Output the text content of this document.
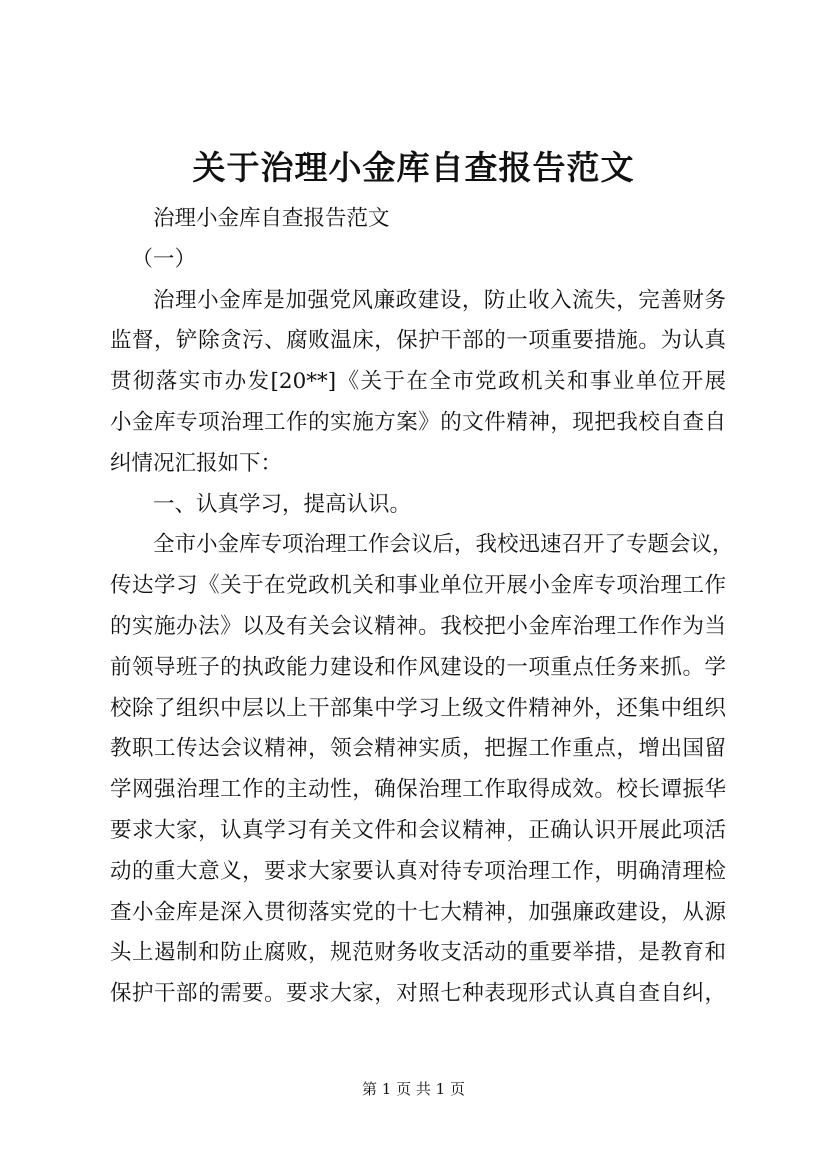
关于治理小金库自查报告范文

治理小金库自查报告范文

（一）

治理小金库是加强党风廉政建设，防止收入流失，完善财务
监督，铲除贪污、腐败温床，保护干部的一项重要措施。为认真
贯彻落实市办发[20**]《关于在全市党政机关和事业单位开展
小金库专项治理工作的实施方案》的文件精神，现把我校自查自
纠情况汇报如下：

一、认真学习，提高认识。

全市小金库专项治理工作会议后，我校迅速召开了专题会议，
传达学习《关于在党政机关和事业单位开展小金库专项治理工作
的实施办法》以及有关会议精神。我校把小金库治理工作作为当
前领导班子的执政能力建设和作风建设的一项重点任务来抓。学
校除了组织中层以上干部集中学习上级文件精神外，还集中组织
教职工传达会议精神，领会精神实质，把握工作重点，增出国留
学网强治理工作的主动性，确保治理工作取得成效。校长谭振华
要求大家，认真学习有关文件和会议精神，正确认识开展此项活
动的重大意义，要求大家要认真对待专项治理工作，明确清理检
查小金库是深入贯彻落实党的十七大精神，加强廉政建设，从源
头上遏制和防止腐败，规范财务收支活动的重要举措，是教育和
保护干部的需要。要求大家，对照七种表现形式认真自查自纠，

第 1 页 共 1 页
